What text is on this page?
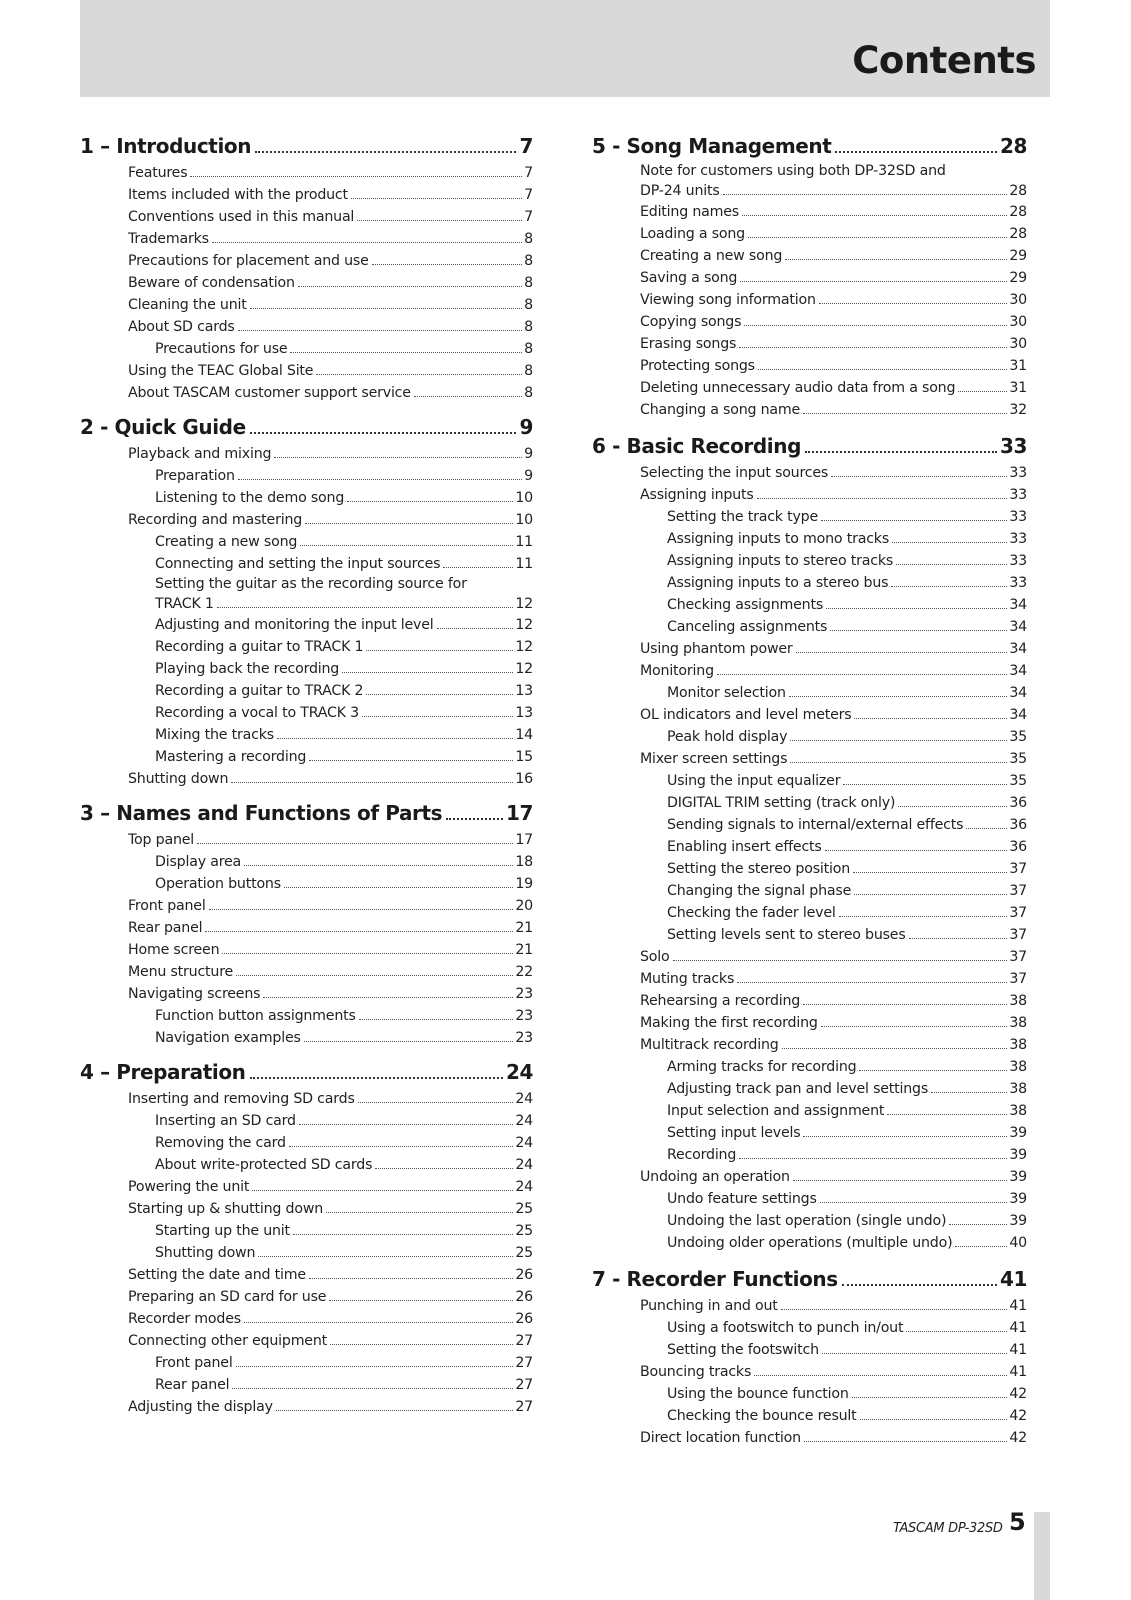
Contents
1 – Introduction	7
Features	7
Items included with the product	7
Conventions used in this manual	7
Trademarks	8
Precautions for placement and use	8
Beware of condensation	8
Cleaning the unit	8
About SD cards	8
Precautions for use	8
Using the TEAC Global Site	8
About TASCAM customer support service	8
2 - Quick Guide	9
Playback and mixing	9
Preparation	9
Listening to the demo song	10
Recording and mastering	10
Creating a new song	11
Connecting and setting the input sources	11
Setting the guitar as the recording source for
TRACK 1	12
Adjusting and monitoring the input level	12
Recording a guitar to TRACK 1	12
Playing back the recording	12
Recording a guitar to TRACK 2	13
Recording a vocal to TRACK 3	13
Mixing the tracks	14
Mastering a recording	15
Shutting down	16
3 – Names and Functions of Parts	17
Top panel	17
Display area	18
Operation buttons	19
Front panel	20
Rear panel	21
Home screen	21
Menu structure	22
Navigating screens	23
Function button assignments	23
Navigation examples	23
4 – Preparation	24
Inserting and removing SD cards	24
Inserting an SD card	24
Removing the card	24
About write-protected SD cards	24
Powering the unit	24
Starting up & shutting down	25
Starting up the unit	25
Shutting down	25
Setting the date and time	26
Preparing an SD card for use	26
Recorder modes	26
Connecting other equipment	27
Front panel	27
Rear panel	27
Adjusting the display	27
5 - Song Management	28
Note for customers using both DP-32SD and
DP-24 units	28
Editing names	28
Loading a song	28
Creating a new song	29
Saving a song	29
Viewing song information	30
Copying songs	30
Erasing songs	30
Protecting songs	31
Deleting unnecessary audio data from a song	31
Changing a song name	32
6 - Basic Recording	33
Selecting the input sources	33
Assigning inputs	33
Setting the track type	33
Assigning inputs to mono tracks	33
Assigning inputs to stereo tracks	33
Assigning inputs to a stereo bus	33
Checking assignments	34
Canceling assignments	34
Using phantom power	34
Monitoring	34
Monitor selection	34
OL indicators and level meters	34
Peak hold display	35
Mixer screen settings	35
Using the input equalizer	35
DIGITAL TRIM setting (track only)	36
Sending signals to internal/external effects	36
Enabling insert effects	36
Setting the stereo position	37
Changing the signal phase	37
Checking the fader level	37
Setting levels sent to stereo buses	37
Solo	37
Muting tracks	37
Rehearsing a recording	38
Making the first recording	38
Multitrack recording	38
Arming tracks for recording	38
Adjusting track pan and level settings	38
Input selection and assignment	38
Setting input levels	39
Recording	39
Undoing an operation	39
Undo feature settings	39
Undoing the last operation (single undo)	39
Undoing older operations (multiple undo)	40
7 - Recorder Functions	41
Punching in and out	41
Using a footswitch to punch in/out	41
Setting the footswitch	41
Bouncing tracks	41
Using the bounce function	42
Checking the bounce result	42
Direct location function	42
TASCAM DP-32SD 5
